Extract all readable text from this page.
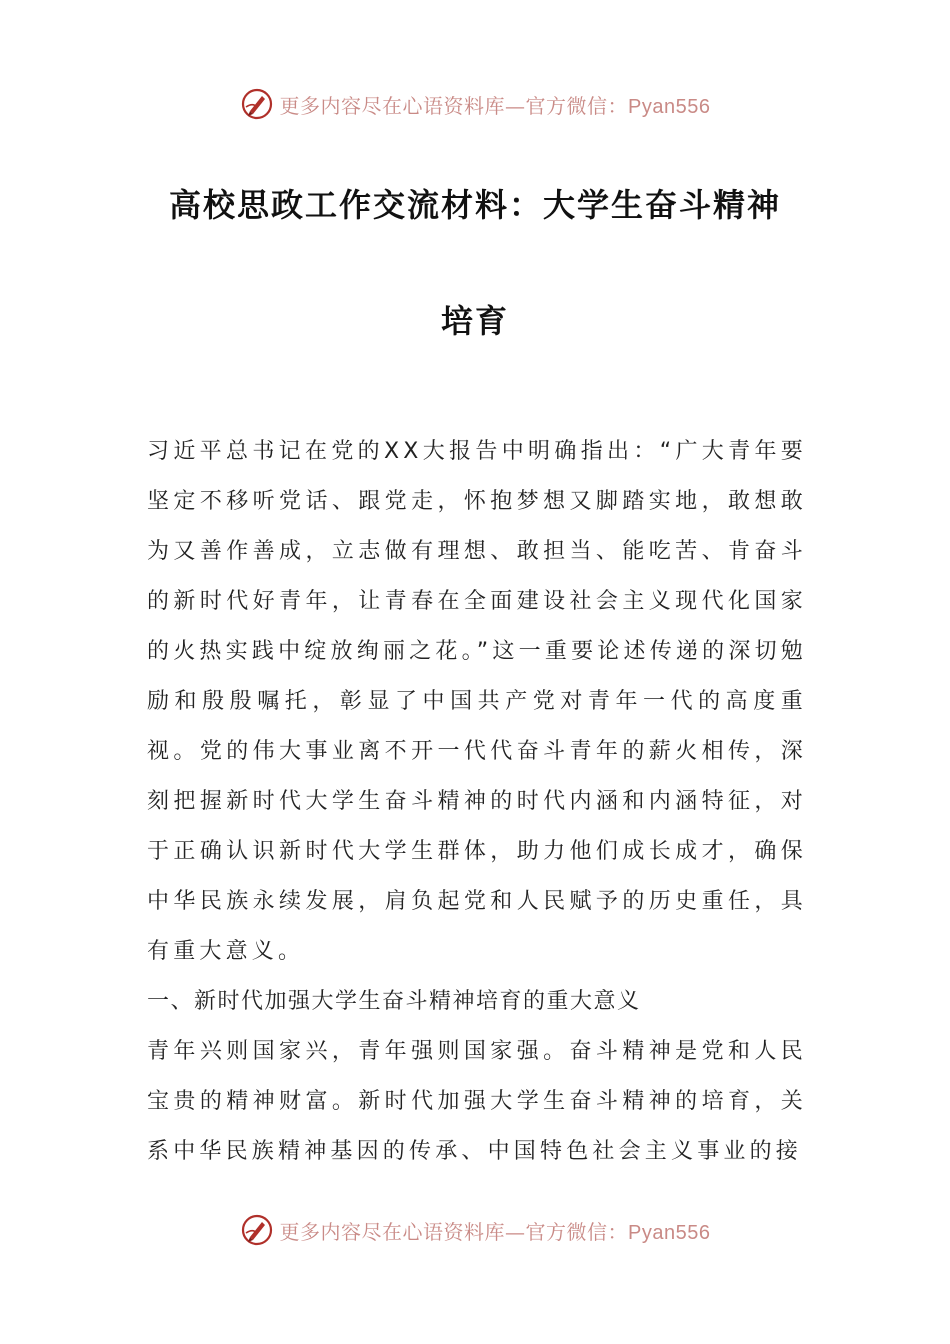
更多内容尽在心语资料库—官方微信：Pyan556
高校思政工作交流材料：大学生奋斗精神
培育

习近平总书记在党的XX大报告中明确指出：“广大青年要坚定不移听党话、跟党走，怀抱梦想又脚踏实地，敢想敢为又善作善成，立志做有理想、敢担当、能吃苦、肯奋斗的新时代好青年，让青春在全面建设社会主义现代化国家的火热实践中绽放绚丽之花。”这一重要论述传递的深切勉励和殷殷嘱托，彰显了中国共产党对青年一代的高度重视。党的伟大事业离不开一代代奋斗青年的薪火相传，深刻把握新时代大学生奋斗精神的时代内涵和内涵特征，对于正确认识新时代大学生群体，助力他们成长成才，确保中华民族永续发展，肩负起党和人民赋予的历史重任，具有重大意义。

一、新时代加强大学生奋斗精神培育的重大意义

青年兴则国家兴，青年强则国家强。奋斗精神是党和人民宝贵的精神财富。新时代加强大学生奋斗精神的培育，关系中华民族精神基因的传承、中国特色社会主义事业的接

更多内容尽在心语资料库—官方微信：Pyan556
